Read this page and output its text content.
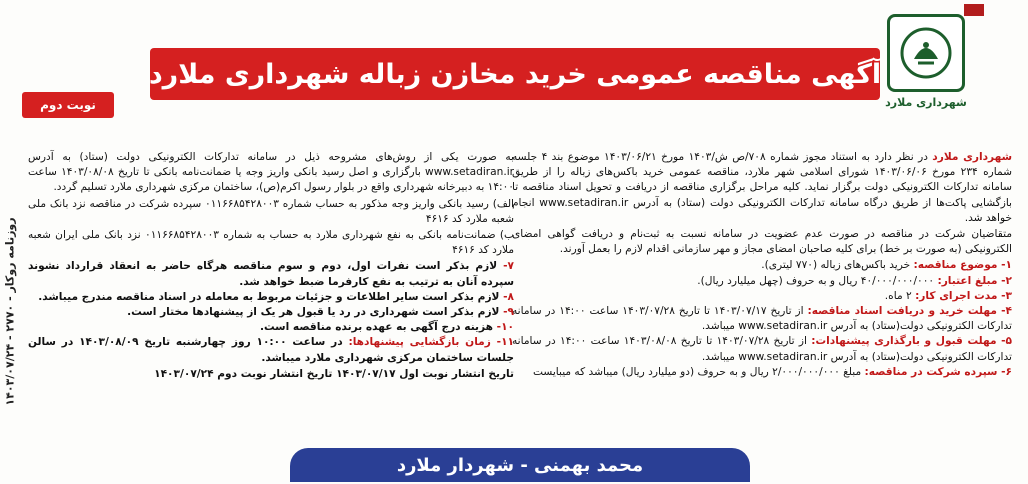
روزنامه روکار - ۲۷۷۰ - ۱۴۰۳/۰۷/۲۴
آگهی مناقصه عمومی خرید مخازن زباله شهرداری ملارد
نوبت دوم	شهرداری ملارد
شهرداری ملارد در نظر دارد به استناد مجوز شماره ۷۰۸/ص ش/۱۴۰۳ مورخ ۱۴۰۳/۰۶/۲۱ موضوع بند ۴ جلسه شماره ۲۳۴ مورخ ۱۴۰۳/۰۶/۰۶ شورای اسلامی شهر ملارد، مناقصه عمومی خرید باکس‌های زباله را از طریق سامانه تدارکات الکترونیکی دولت برگزار نماید. کلیه مراحل برگزاری مناقصه از دریافت و تحویل اسناد مناقصه تا بازگشایی پاکت‌ها از طریق درگاه سامانه تدارکات الکترونیکی دولت (ستاد) به آدرس www.setadiran.ir انجام خواهد شد.
متقاضیان شرکت در مناقصه در صورت عدم عضویت در سامانه نسبت به ثبت‌نام و دریافت گواهی امضای الکترونیکی (به صورت بر خط) برای کلیه صاحبان امضای مجاز و مهر سازمانی اقدام لازم را بعمل آورند.
۱- موضوع مناقصه: خرید باکس‌های زباله (۷۷۰ لیتری).
۲- مبلغ اعتبار: ۴۰/۰۰۰/۰۰۰/۰۰۰ ریال و به حروف (چهل میلیارد ریال).
۳- مدت اجرای کار: ۲ ماه.
۴- مهلت خرید و دریافت اسناد مناقصه: از تاریخ ۱۴۰۳/۰۷/۱۷ تا تاریخ ۱۴۰۳/۰۷/۲۸ ساعت ۱۴:۰۰ در سامانه تدارکات الکترونیکی دولت(ستاد) به آدرس www.setadiran.ir میباشد.
۵- مهلت قبول و بارگذاری پیشنهادات: از تاریخ ۱۴۰۳/۰۷/۲۸ تا تاریخ ۱۴۰۳/۰۸/۰۸ ساعت ۱۴:۰۰ در سامانه تدارکات الکترونیکی دولت(ستاد) به آدرس www.setadiran.ir میباشد.
۶- سپرده شرکت در مناقصه: مبلغ ۲/۰۰۰/۰۰۰/۰۰۰ ریال و به حروف (دو میلیارد ریال) میباشد که میبایست
به صورت یکی از روش‌های مشروحه ذیل در سامانه تدارکات الکترونیکی دولت (ستاد) به آدرس www.setadiran.ir بارگزاری و اصل رسید بانکی واریز وجه یا ضمانت‌نامه بانکی تا تاریخ ۱۴۰۳/۰۸/۰۸ ساعت ۱۴:۰۰ به دبیرخانه شهرداری واقع در بلوار رسول اکرم(ص)، ساختمان مرکزی شهرداری ملارد تسلیم گردد.
الف) رسید بانکی واریز وجه مذکور به حساب شماره ۰۱۱۶۶۸۵۴۲۸۰۰۳ سپرده شرکت در مناقصه نزد بانک ملی شعبه ملارد کد ۴۶۱۶
ب) ضمانت‌نامه بانکی به نفع شهرداری ملارد به حساب به شماره ۰۱۱۶۶۸۵۴۲۸۰۰۳ نزد بانک ملی ایران شعبه ملارد کد ۴۶۱۶
۷- لازم بذکر است نفرات اول، دوم و سوم مناقصه هرگاه حاضر به انعقاد قرارداد نشوند سپرده آنان به ترتیب به نفع کارفرما ضبط خواهد شد.
۸- لازم بذکر است سایر اطلاعات و جزئیات مربوط به معامله در اسناد مناقصه مندرج میباشد.
۹- لازم بذکر است شهرداری در رد یا قبول هر یک از پیشنهادها مختار است.
۱۰- هزینه درج آگهی به عهده برنده مناقصه است.
۱۱- زمان بازگشایی پیشنهادها: در ساعت ۱۰:۰۰ روز چهارشنبه تاریخ ۱۴۰۳/۰۸/۰۹ در سالن جلسات ساختمان مرکزی شهرداری ملارد میباشد.
تاریخ انتشار نوبت اول ۱۴۰۳/۰۷/۱۷ تاریخ انتشار نوبت دوم ۱۴۰۳/۰۷/۲۴
محمد بهمنی - شهردار ملارد
